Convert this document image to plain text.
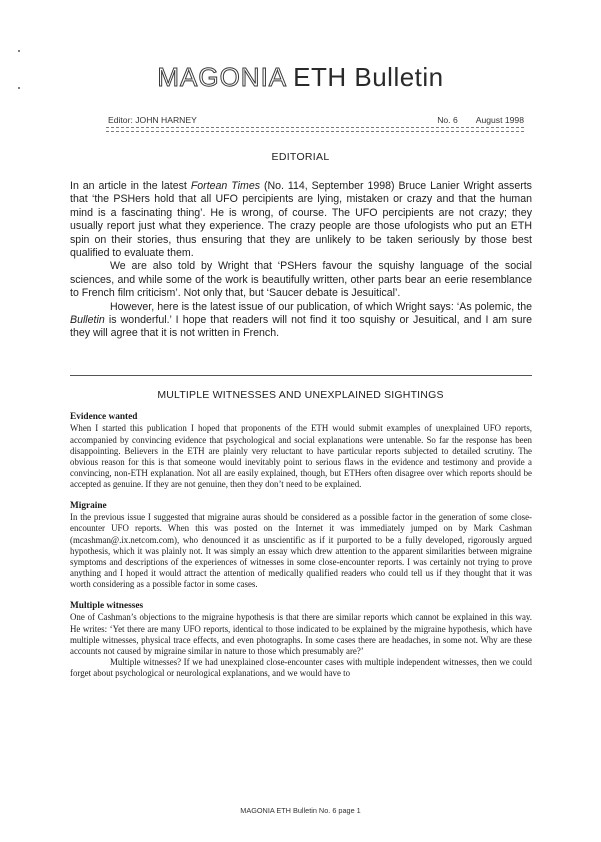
MAGONIA ETH Bulletin
Editor: JOHN HARNEY	No. 6 August 1998
EDITORIAL

In an article in the latest Fortean Times (No. 114, September 1998) Bruce Lanier Wright asserts that ‘the PSHers hold that all UFO percipients are lying, mistaken or crazy and that the human mind is a fascinating thing’. He is wrong, of course. The UFO percipients are not crazy; they usually report just what they experience. The crazy people are those ufologists who put an ETH spin on their stories, thus ensuring that they are unlikely to be taken seriously by those best qualified to evaluate them.

We are also told by Wright that ‘PSHers favour the squishy language of the social sciences, and while some of the work is beautifully written, other parts bear an eerie resemblance to French film criticism’. Not only that, but ‘Saucer debate is Jesuitical’.

However, here is the latest issue of our publication, of which Wright says: ‘As polemic, the Bulletin is wonderful.’ I hope that readers will not find it too squishy or Jesuitical, and I am sure they will agree that it is not written in French.

MULTIPLE WITNESSES AND UNEXPLAINED SIGHTINGS
Evidence wanted

When I started this publication I hoped that proponents of the ETH would submit examples of unexplained UFO reports, accompanied by convincing evidence that psychological and social explanations were untenable. So far the response has been disappointing. Believers in the ETH are plainly very reluctant to have particular reports subjected to detailed scrutiny. The obvious reason for this is that someone would inevitably point to serious flaws in the evidence and testimony and provide a convincing, non-ETH explanation. Not all are easily explained, though, but ETHers often disagree over which reports should be accepted as genuine. If they are not genuine, then they don’t need to be explained.

Migraine

In the previous issue I suggested that migraine auras should be considered as a possible factor in the generation of some close-encounter UFO reports. When this was posted on the Internet it was immediately jumped on by Mark Cashman (mcashman@.ix.netcom.com), who denounced it as unscientific as if it purported to be a fully developed, rigorously argued hypothesis, which it was plainly not. It was simply an essay which drew attention to the apparent similarities between migraine symptoms and descriptions of the experiences of witnesses in some close-encounter reports. I was certainly not trying to prove anything and I hoped it would attract the attention of medically qualified readers who could tell us if they thought that it was worth considering as a possible factor in some cases.

Multiple witnesses

One of Cashman’s objections to the migraine hypothesis is that there are similar reports which cannot be explained in this way. He writes: ‘Yet there are many UFO reports, identical to those indicated to be explained by the migraine hypothesis, which have multiple witnesses, physical trace effects, and even photographs. In some cases there are headaches, in some not. Why are these accounts not caused by migraine similar in nature to those which presumably are?’

Multiple witnesses? If we had unexplained close-encounter cases with multiple independent witnesses, then we could forget about psychological or neurological explanations, and we would have to

MAGONIA ETH Bulletin No. 6 page 1
